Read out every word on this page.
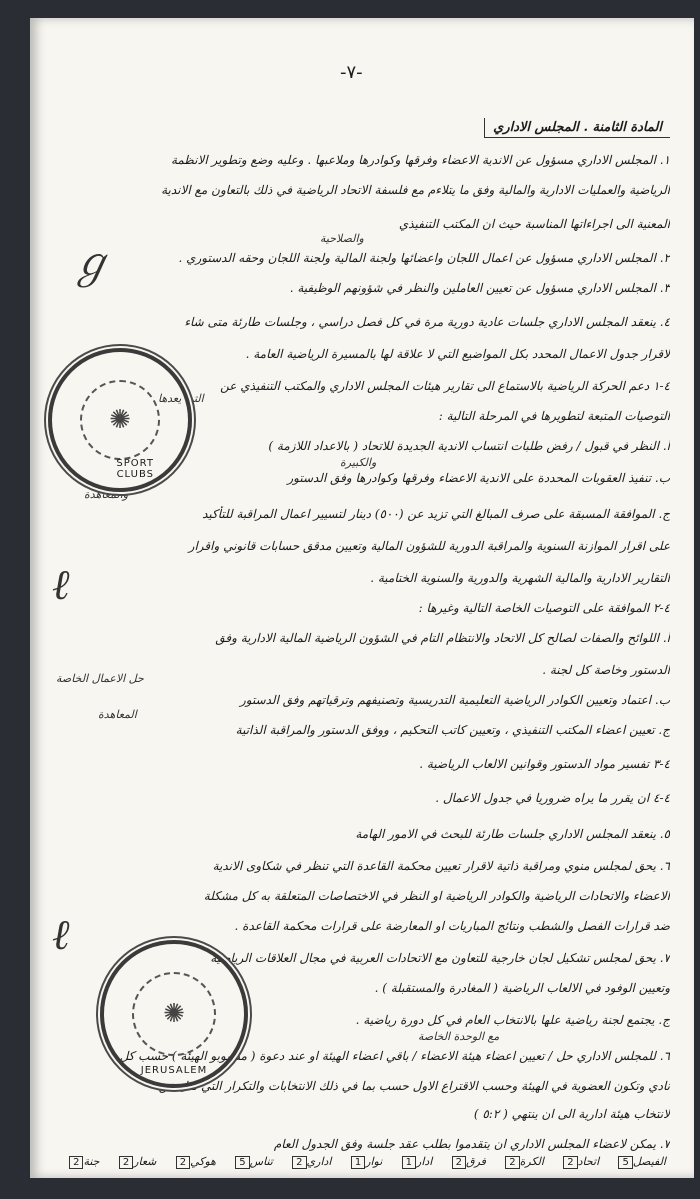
-٧-
المادة الثامنة . المجلس الاداري
١. المجلس الاداري مسؤول عن الاندية الاعضاء وفرقها وكوادرها وملاعبها . وعليه وضع وتطوير الانظمة
الرياضية والعمليات الادارية والمالية وفق ما يتلاءم مع فلسفة الاتحاد الرياضية في ذلك بالتعاون مع الاندية
المعنية الى اجراءاتها المناسبة حيث ان المكتب التنفيذي
٢. المجلس الاداري مسؤول عن اعمال اللجان واعضائها ولجنة المالية ولجنة اللجان وحقه الدستوري .
٣. المجلس الاداري مسؤول عن تعيين العاملين والنظر في شؤونهم الوظيفية .
٤. ينعقد المجلس الاداري جلسات عادية دورية مرة في كل فصل دراسي ، وجلسات طارئة متى شاء
لاقرار جدول الاعمال المحدد بكل المواضيع التي لا علاقة لها بالمسيرة الرياضية العامة .
٤-١ دعم الحركة الرياضية بالاستماع الى تقارير هيئات المجلس الاداري والمكتب التنفيذي عن
التوصيات المتبعة لتطويرها في المرحلة التالية :
أ. النظر في قبول / رفض طلبات انتساب الاندية الجديدة للاتحاد ( بالاعداد اللازمة )
ب. تنفيذ العقوبات المحددة على الاندية الاعضاء وفرقها وكوادرها وفق الدستور
ج. الموافقة المسبقة على صرف المبالغ التي تزيد عن (٥٠٠) دينار لتسيير اعمال المراقبة للتأكيد
على اقرار الموازنة السنوية والمراقبة الدورية للشؤون المالية وتعيين مدقق حسابات قانوني واقرار
التقارير الادارية والمالية الشهرية والدورية والسنوية الختامية .
٤-٢ الموافقة على التوصيات الخاصة التالية وغيرها :
أ. اللوائح والصفات لصالح كل الاتحاد والانتظام التام في الشؤون الرياضية المالية الادارية وفق
الدستور وخاصة كل لجنة .
ب. اعتماد وتعيين الكوادر الرياضية التعليمية التدريسية وتصنيفهم وترقياتهم وفق الدستور
ج. تعيين اعضاء المكتب التنفيذي ، وتعيين كاتب التحكيم ، ووفق الدستور والمراقبة الذاتية
٤-٣ تفسير مواد الدستور وقوانين الالعاب الرياضية .
٤-٤ ان يقرر ما يراه ضروريا في جدول الاعمال .
٥. ينعقد المجلس الاداري جلسات طارئة للبحث في الامور الهامة
٦. يحق لمجلس منوي ومراقبة ذاتية لاقرار تعيين محكمة القاعدة التي تنظر في شكاوى الاندية
الاعضاء والاتحادات الرياضية والكوادر الرياضية او النظر في الاختصاصات المتعلقة به كل مشكلة
ضد قرارات الفصل والشطب ونتائج المباريات او المعارضة على قرارات محكمة القاعدة .
٧. يحق لمجلس تشكيل لجان خارجية للتعاون مع الاتحادات العربية في مجال العلاقات الرياضية
وتعيين الوفود في الالعاب الرياضية ( المغادرة والمستقبلة ) .
ج. يجتمع لجنة رياضية علها بالانتخاب العام في كل دورة رياضية .
٦. للمجلس الاداري حل / تعيين اعضاء هيئة الاعضاء / باقي اعضاء الهيئة او عند دعوة ( منسوبو الهيئة ) حسب كل
نادي وتكون العضوية في الهيئة وحسب الاقتراع الاول حسب بما في ذلك الانتخابات والتكرار التي تقل عن
لانتخاب هيئة ادارية الى ان ينتهي ( ٥:٢ )
٧. يمكن لاعضاء المجلس الاداري ان يتقدموا بطلب عقد جلسة وفق الجدول العام
والصلاحية
التي يعدها
والكبيرة
والمعاهدة
حل الاعمال الخاصة
المعاهدة
مع الوحدة الخاصة
✺
SPORT CLUBS
✺
JERUSALEM
ℊ
ℓ
ℓ
الفيصل5
اتحاد2
الكرة2
فرق2
ادار1
نوار1
اداري2
تناس5
هوكي2
شعار2
جنة2
